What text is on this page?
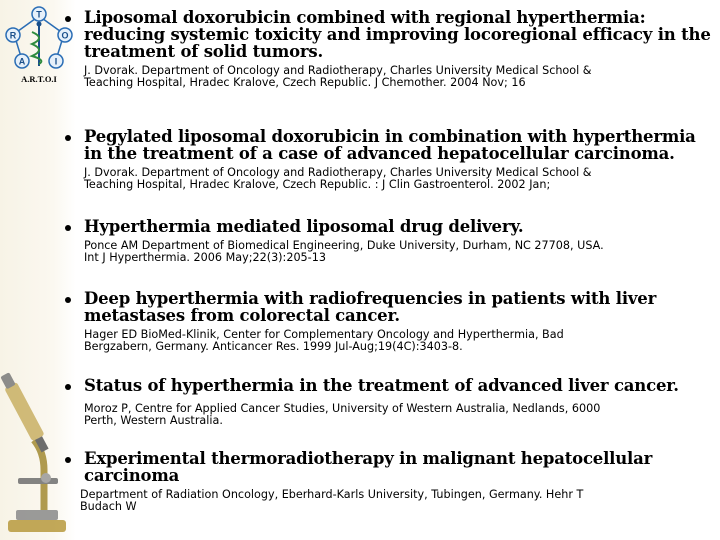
T
R	O
A	I
A.R.T.O.I
Liposomal doxorubicin combined with regional hyperthermia: reducing systemic toxicity and improving locoregional efficacy in the treatment of solid tumors.
J. Dvorak. Department of Oncology and Radiotherapy, Charles University Medical School &
Teaching Hospital, Hradec Kralove, Czech Republic. J Chemother. 2004 Nov; 16
Pegylated liposomal doxorubicin in combination with hyperthermia in the treatment of a case of advanced hepatocellular carcinoma.
J. Dvorak. Department of Oncology and Radiotherapy, Charles University Medical School &
Teaching Hospital, Hradec Kralove, Czech Republic. : J Clin Gastroenterol. 2002 Jan;
Hyperthermia mediated liposomal drug delivery.
Ponce AM Department of Biomedical Engineering, Duke University, Durham, NC 27708, USA.
Int J Hyperthermia. 2006 May;22(3):205-13
Deep hyperthermia with radiofrequencies in patients with liver metastases from colorectal cancer.
Hager ED BioMed-Klinik, Center for Complementary Oncology and Hyperthermia, Bad
Bergzabern, Germany. Anticancer Res. 1999 Jul-Aug;19(4C):3403-8.
Status of hyperthermia in the treatment of advanced liver cancer.
Moroz P, Centre for Applied Cancer Studies, University of Western Australia, Nedlands, 6000
Perth, Western Australia.
Experimental thermoradiotherapy in malignant hepatocellular carcinoma
Department of Radiation Oncology, Eberhard-Karls University, Tubingen, Germany. Hehr T
Budach W
